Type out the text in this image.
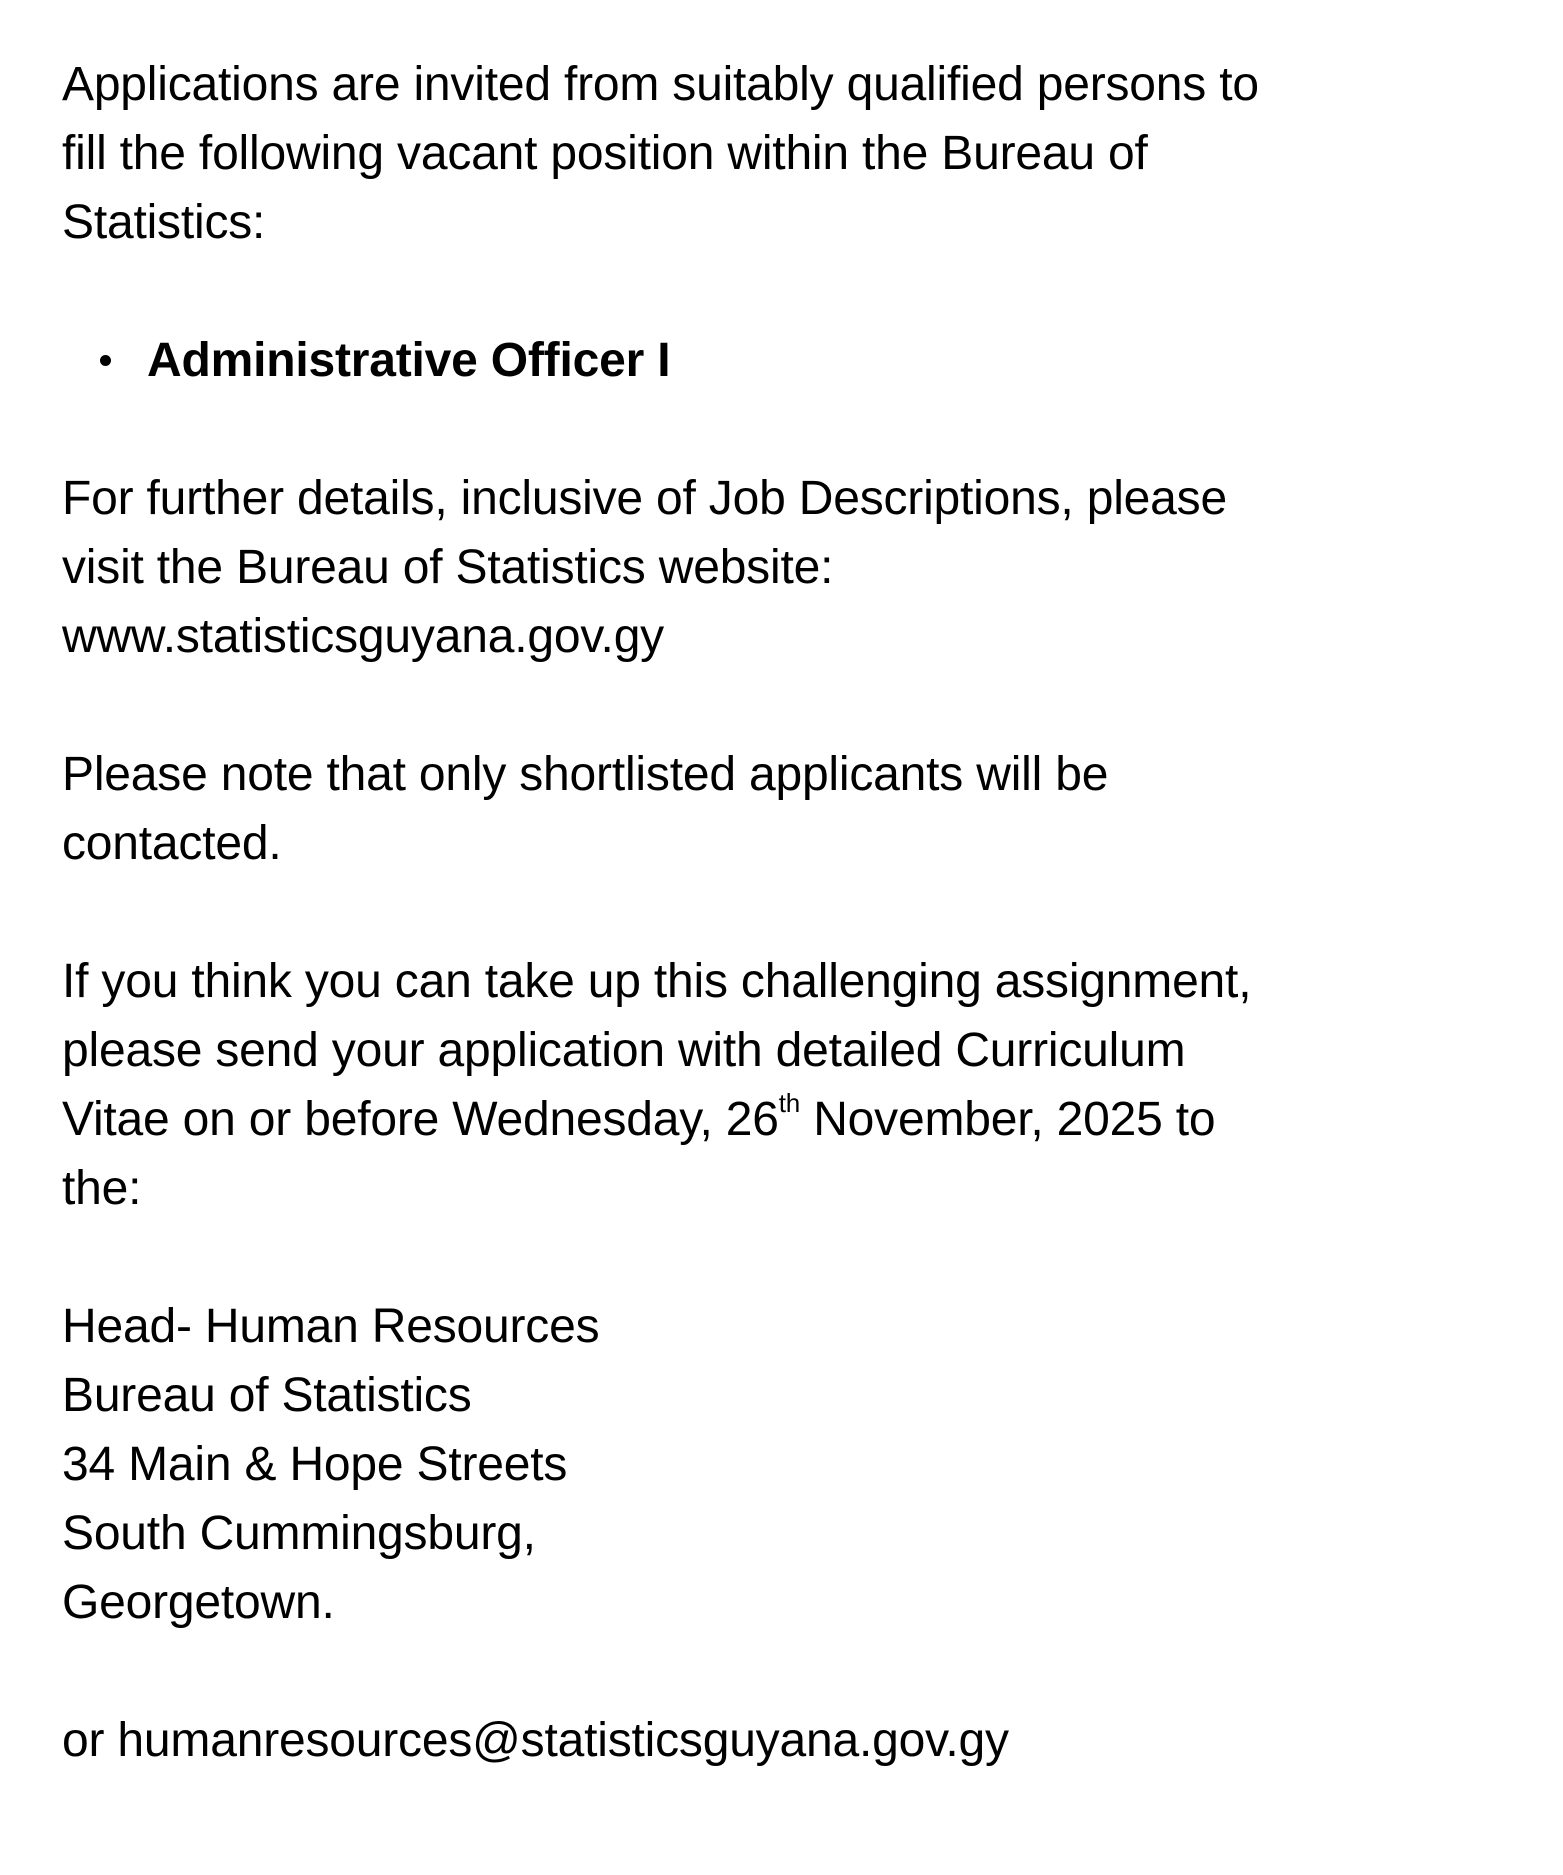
Applications are invited from suitably qualified persons to
fill the following vacant position within the Bureau of
Statistics:

Administrative Officer I

For further details, inclusive of Job Descriptions, please
visit the Bureau of Statistics website:
www.statisticsguyana.gov.gy

Please note that only shortlisted applicants will be
contacted.

If you think you can take up this challenging assignment,
please send your application with detailed Curriculum
Vitae on or before Wednesday, 26th November, 2025 to
the:

Head- Human Resources
Bureau of Statistics
34 Main & Hope Streets
South Cummingsburg,
Georgetown.

or humanresources@statisticsguyana.gov.gy
